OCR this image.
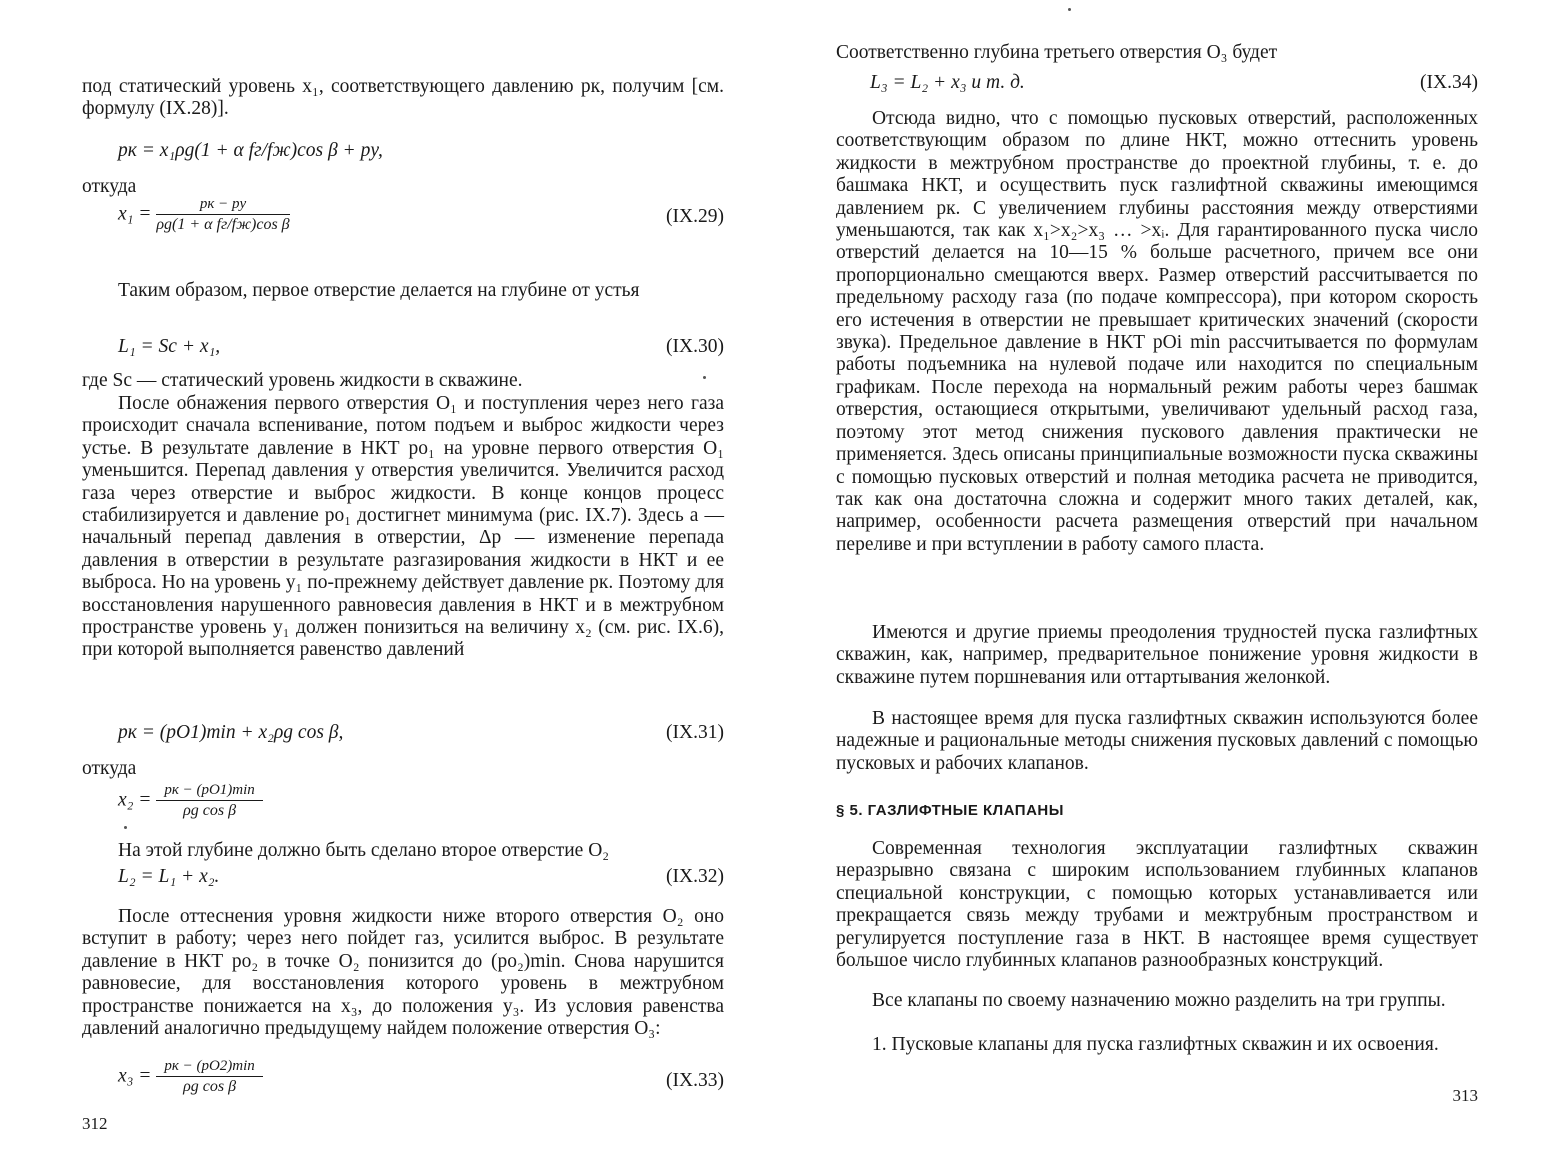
под статический уровень x₁, соответствующего давлению pк, получим [см. формулу (IX.28)].

pк = x₁ρg(1 + α fг/fж)cos β + pу,

откуда

$x_1 = \frac{pк - pу}{\text{ρg(1 + α fг/fж)cos β}}$	(IX.29)

Таким образом, первое отверстие делается на глубине от устья

L₁ = Sс + x₁,	(IX.30)

где Sс — статический уровень жидкости в скважине.

После обнажения первого отверстия O₁ и поступления через него газа происходит сначала вспенивание, потом подъем и выброс жидкости через устье. В результате давление в НКТ pо₁ на уровне первого отверстия O₁ уменьшится. Перепад давления у отверстия увеличится. Увеличится расход газа через отверстие и выброс жидкости. В конце концов процесс стабилизируется и давление pо₁ достигнет минимума (рис. IX.7). Здесь a — начальный перепад давления в отверстии, Δp — изменение перепада давления в отверстии в результате разгазирования жидкости в НКТ и ее выброса. Но на уровень y₁ по-прежнему действует давление pк. Поэтому для восстановления нарушенного равновесия давления в НКТ и в межтрубном пространстве уровень y₁ должен понизиться на величину x₂ (см. рис. IX.6), при которой выполняется равенство давлений

pк = (pO1)min + x₂ρg cos β,	(IX.31)

откуда

$x_2 = \frac{pк - (pO1)\min}{\text{ρg cos β}}$

На этой глубине должно быть сделано второе отверстие O₂

L₂ = L₁ + x₂.	(IX.32)

После оттеснения уровня жидкости ниже второго отверстия O₂ оно вступит в работу; через него пойдет газ, усилится выброс. В результате давление в НКТ pо₂ в точке O₂ понизится до (pо₂)min. Снова нарушится равновесие, для восстановления которого уровень в межтрубном пространстве понижается на x₃, до положения y₃. Из условия равенства давлений аналогично предыдущему найдем положение отверстия O₃:

$x_3 = \frac{pк - (pO2)\min}{\text{ρg cos β}}$	(IX.33)
312

Соответственно глубина третьего отверстия O₃ будет

L₃ = L₂ + x₃ и т. д.	(IX.34)

Отсюда видно, что с помощью пусковых отверстий, расположенных соответствующим образом по длине НКТ, можно оттеснить уровень жидкости в межтрубном пространстве до проектной глубины, т. е. до башмака НКТ, и осуществить пуск газлифтной скважины имеющимся давлением pк. С увеличением глубины расстояния между отверстиями уменьшаются, так как x₁>x₂>x₃ … >xᵢ. Для гарантированного пуска число отверстий делается на 10—15 % больше расчетного, причем все они пропорционально смещаются вверх. Размер отверстий рассчитывается по предельному расходу газа (по подаче компрессора), при котором скорость его истечения в отверстии не превышает критических значений (скорости звука). Предельное давление в НКТ pOi min рассчитывается по формулам работы подъемника на нулевой подаче или находится по специальным графикам. После перехода на нормальный режим работы через башмак отверстия, остающиеся открытыми, увеличивают удельный расход газа, поэтому этот метод снижения пускового давления практически не применяется. Здесь описаны принципиальные возможности пуска скважины с помощью пусковых отверстий и полная методика расчета не приводится, так как она достаточна сложна и содержит много таких деталей, как, например, особенности расчета размещения отверстий при начальном переливе и при вступлении в работу самого пласта.

Имеются и другие приемы преодоления трудностей пуска газлифтных скважин, как, например, предварительное понижение уровня жидкости в скважине путем поршневания или оттартывания желонкой.

В настоящее время для пуска газлифтных скважин используются более надежные и рациональные методы снижения пусковых давлений с помощью пусковых и рабочих клапанов.

§ 5. ГАЗЛИФТНЫЕ КЛАПАНЫ

Современная технология эксплуатации газлифтных скважин неразрывно связана с широким использованием глубинных клапанов специальной конструкции, с помощью которых устанавливается или прекращается связь между трубами и межтрубным пространством и регулируется поступление газа в НКТ. В настоящее время существует большое число глубинных клапанов разнообразных конструкций.

Все клапаны по своему назначению можно разделить на три группы.

1. Пусковые клапаны для пуска газлифтных скважин и их освоения.

313
